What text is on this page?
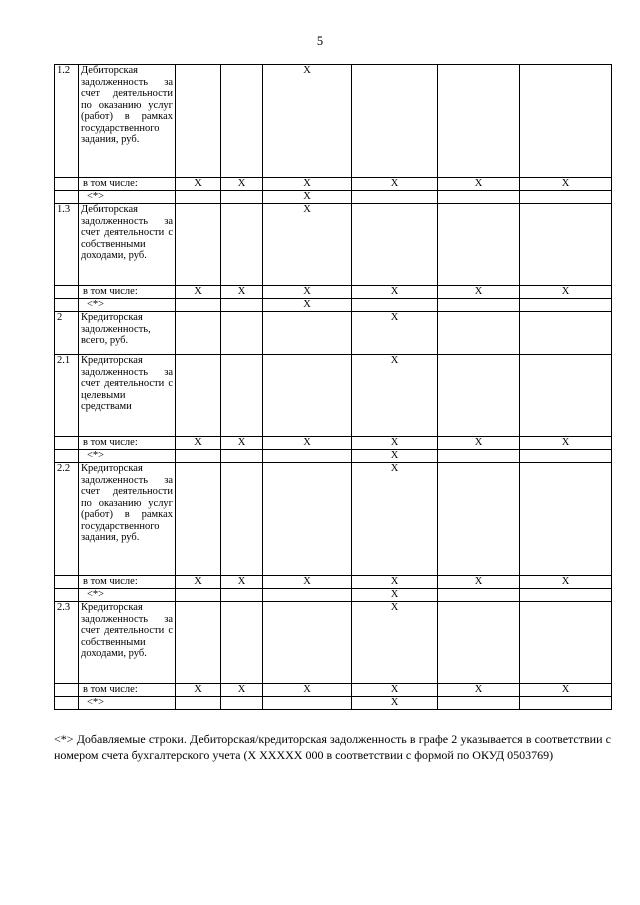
5
1.2	Дебиторская задолженность за счет деятельности по оказанию услуг (работ) в рамках государственного задания, руб.			X			
	в том числе:	X	X	X	X	X	X
	<*>			X			
1.3	Дебиторская задолженность за счет деятельности с собственными доходами, руб.			X			
	в том числе:	X	X	X	X	X	X
	<*>			X			
2	Кредиторская задолженность, всего, руб.				X		
2.1	Кредиторская задолженность за счет деятельности с целевыми средствами				X		
	в том числе:	X	X	X	X	X	X
	<*>				X		
2.2	Кредиторская задолженность за счет деятельности по оказанию услуг (работ) в рамках государственного задания, руб.				X		
	в том числе:	X	X	X	X	X	X
	<*>				X		
2.3	Кредиторская задолженность за счет деятельности с собственными доходами, руб.				X		
	в том числе:	X	X	X	X	X	X
	<*>				X		
<*> Добавляемые строки. Дебиторская/кредиторская задолженность в графе 2 указывается в соответствии с номером счета бухгалтерского учета (X XXXXX 000 в соответствии с формой по ОКУД 0503769)
